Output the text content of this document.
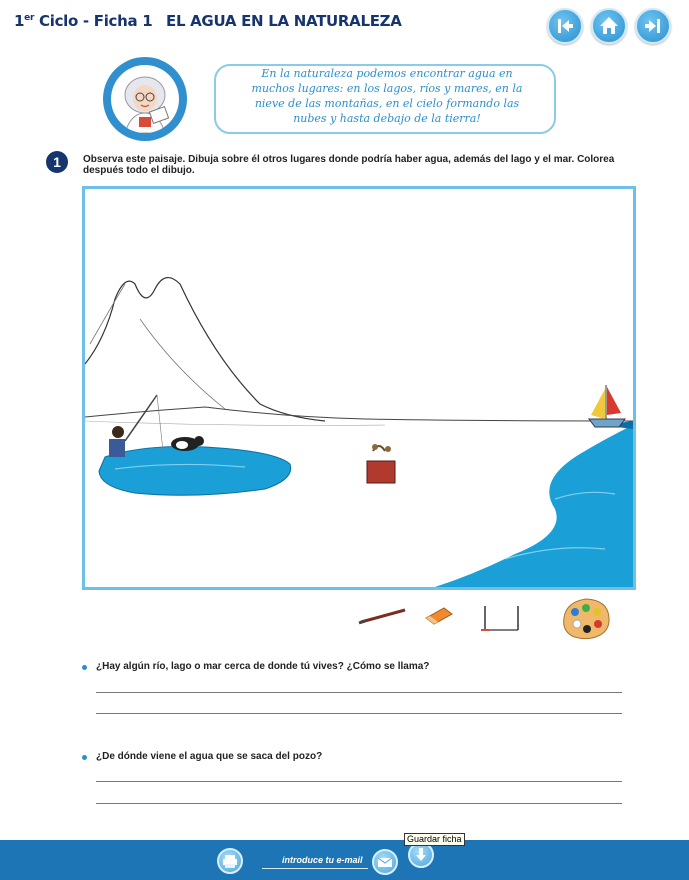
1er Ciclo - Ficha 1 EL AGUA EN LA NATURALEZA
En la naturaleza podemos encontrar agua en
muchos lugares: en los lagos, ríos y mares, en la
nieve de las montañas, en el cielo formando las
nubes y hasta debajo de la tierra!
1	Observa este paisaje. Dibuja sobre él otros lugares donde podría haber agua, además del lago y el mar. Colorea después todo el dibujo.
¿Hay algún río, lago o mar cerca de donde tú vives? ¿Cómo se llama?
¿De dónde viene el agua que se saca del pozo?
introduce tu e-mail
Guardar ficha
